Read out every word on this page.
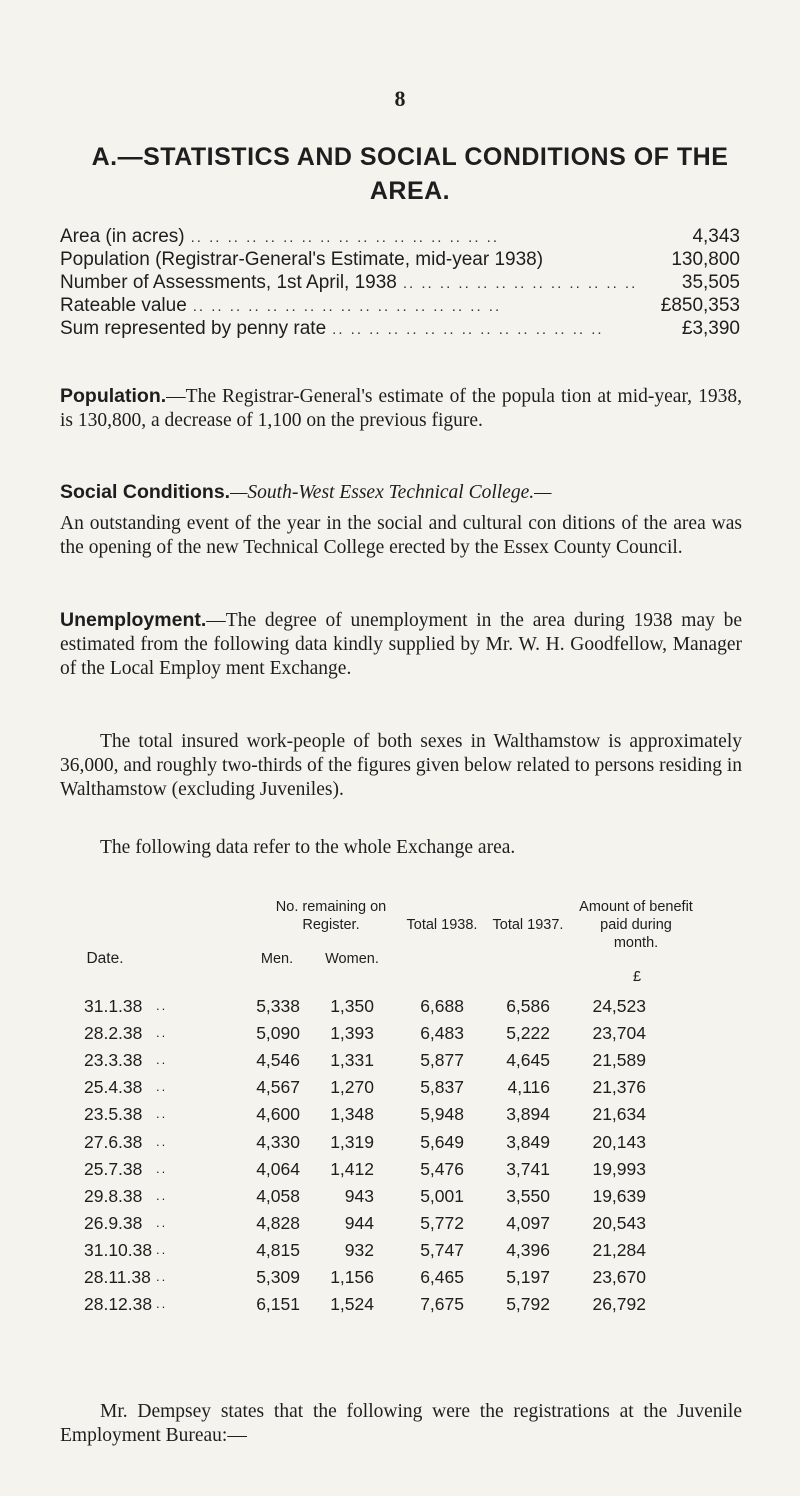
8
A.—STATISTICS AND SOCIAL CONDITIONS OF THE AREA.
Area (in acres) .. .. .. .. .. .. .. .. .. .. .. .. .. .. .. .. ..	4,343
Population (Registrar-General's Estimate, mid-year 1938)	130,800
Number of Assessments, 1st April, 1938 .. .. .. .. .. .. .. .. .. .. .. .. ..	35,505
Rateable value .. .. .. .. .. .. .. .. .. .. .. .. .. .. .. .. ..	£850,353
Sum represented by penny rate .. .. .. .. .. .. .. .. .. .. .. .. .. .. ..	£3,390
Population.—The Registrar-General's estimate of the popula tion at mid-year, 1938, is 130,800, a decrease of 1,100 on the previous figure.
Social Conditions.—South-West Essex Technical College.—
An outstanding event of the year in the social and cultural con ditions of the area was the opening of the new Technical College erected by the Essex County Council.
Unemployment.—The degree of unemployment in the area during 1938 may be estimated from the following data kindly supplied by Mr. W. H. Goodfellow, Manager of the Local Employ ment Exchange.
The total insured work-people of both sexes in Walthamstow is approximately 36,000, and roughly two-thirds of the figures given below related to persons residing in Walthamstow (excluding Juveniles).
The following data refer to the whole Exchange area.
Date.
No. remaining on Register.
Men.	Women.
Total 1938. Total 1937.
Amount of benefit paid during month.
£
31.1.38 ..	5,338 1,350	6,688 6,586 24,523
28.2.38 ..	5,090 1,393	6,483 5,222 23,704
23.3.38 ..	4,546 1,331	5,877 4,645 21,589
25.4.38 ..	4,567 1,270	5,837 4,116 21,376
23.5.38 ..	4,600 1,348	5,948 3,894 21,634
27.6.38 ..	4,330 1,319	5,649 3,849 20,143
25.7.38 ..	4,064 1,412	5,476 3,741 19,993
29.8.38 ..	4,058	943	5,001 3,550 19,639
26.9.38 ..	4,828	944	5,772 4,097 20,543
31.10.38 ..	4,815	932	5,747 4,396 21,284
28.11.38 ..	5,309 1,156	6,465 5,197 23,670
28.12.38 ..	6,151 1,524	7,675 5,792 26,792
Mr. Dempsey states that the following were the registrations at the Juvenile Employment Bureau:—
